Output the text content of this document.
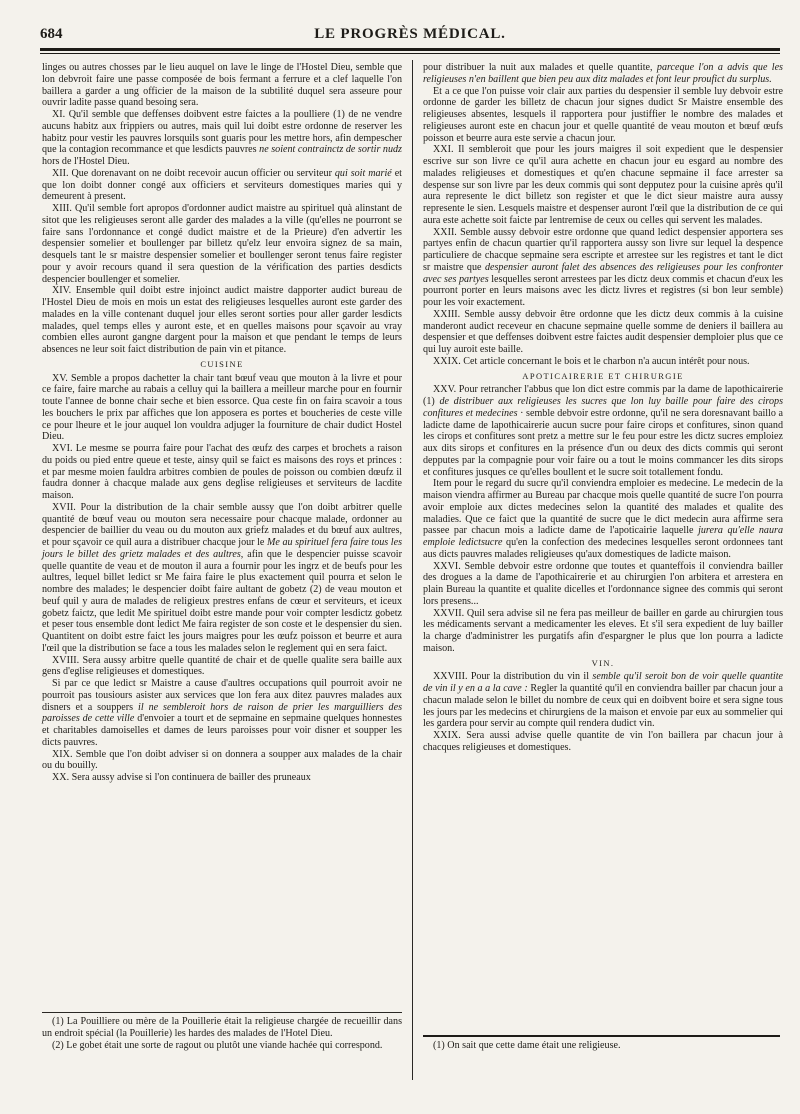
684	LE PROGRÈS MÉDICAL.

linges ou autres chosses par le lieu auquel on lave le linge de l'Hostel Dieu, semble que lon debvroit faire une passe composée de bois fermant a ferrure et a clef laquelle l'on baillera a garder a ung officier de la maison de la subtilité duquel sera asseure pour ouvrir ladite passe quand besoing sera.

XI. Qu'il semble que deffenses doibvent estre faictes a la poulliere (1) de ne vendre aucuns habitz aux frippiers ou autres, mais quil lui doibt estre ordonne de reserver les habitz pour vestir les pauvres lorsquils sont guaris pour les mettre hors, afin dempescher que la contagion recommance et que lesdicts pauvres ne soient contrainctz de sortir nudz hors de l'Hostel Dieu.

XII. Que dorenavant on ne doibt recevoir aucun officier ou serviteur qui soit marié et que lon doibt donner congé aux officiers et serviteurs domestiques maries qui y demeurent à present.

XIII. Qu'il semble fort apropos d'ordonner audict maistre au spirituel quà alinstant de sitot que les religieuses seront alle garder des malades a la ville (qu'elles ne pourront se faire sans l'ordonnance et congé dudict maistre et de la Prieure) d'en advertir les despensier somelier et boullenger par billetz qu'elz leur envoira signez de sa main, desquels tant le sr maistre despensier somelier et boullenger seront tenus faire register pour y avoir recours quand il sera question de la vérification des parties desdicts despencier boullenger et somelier.

XIV. Ensemble quil doibt estre injoinct audict maistre dapporter audict bureau de l'Hostel Dieu de mois en mois un estat des religieuses lesquelles auront este garder des malades en la ville contenant duquel jour elles seront sorties pour aller garder lesdicts malades, quel temps elles y auront este, et en quelles maisons pour sçavoir au vray combien elles auront gangne dargent pour la maison et que pendant le temps de leurs absences ne leur soit faict distribution de pain vin et pitance.

CUISINE

XV. Semble a propos dachetter la chair tant bœuf veau que mouton à la livre et pour ce faire, faire marche au rabais a celluy qui la baillera a meilleur marche pour en fournir toute l'annee de bonne chair seche et bien essorce. Qua ceste fin on faira scavoir a tous les bouchers le prix par affiches que lon apposera es portes et boucheries de ceste ville ce pour lheure et le jour auquel lon vouldra adjuger la fourniture de chair dudict Hostel Dieu.

XVI. Le mesme se pourra faire pour l'achat des œufz des carpes et brochets a raison du poids ou pied entre queue et teste, ainsy quil se faict es maisons des roys et princes : et par mesme moien fauldra arbitres combien de poules de poisson ou combien dœufz il faudra donner à chacque malade aux gens deglise religieuses et serviteurs de lacdite maison.

XVII. Pour la distribution de la chair semble aussy que l'on doibt arbitrer quelle quantité de bœuf veau ou mouton sera necessaire pour chacque malade, ordonner au despencier de baillier du veau ou du mouton aux griefz malades et du bœuf aux aultres, et pour sçavoir ce quil aura a distribuer chacque jour le Me au spirituel fera faire tous les jours le billet des grietz malades et des aultres, afin que le despencier puisse scavoir quelle quantite de veau et de mouton il aura a fournir pour les ingrz et de beufs pour les aultres, lequel billet ledict sr Me faira faire le plus exactement quil pourra et selon le nombre des malades; le despencier doibt faire aultant de gobetz (2) de veau mouton et beuf quil y aura de malades de religieux prestres enfans de cœur et serviteurs, et iceux gobetz faictz, que ledit Me spirituel doibt estre mande pour voir compter lesdictz gobetz et peser tous ensemble dont ledict Me faira register de son coste et le despensier du sien. Quantitent on doibt estre faict les jours maigres pour les œufz poisson et beurre et aura l'œil que la distribution se face a tous les malades selon le reglement qui en sera faict.

XVIII. Sera aussy arbitre quelle quantité de chair et de quelle qualite sera baille aux gens d'eglise religieuses et domestiques.

Si par ce que ledict sr Maistre a cause d'aultres occupations quil pourroit avoir ne pourroit pas tousiours asister aux services que lon fera aux ditez pauvres malades aux disners et a souppers il ne sembleroit hors de raison de prier les marguilliers des paroisses de cette ville d'envoier a tourt et de sepmaine en sepmaine quelques honnestes et charitables damoiselles et dames de leurs paroisses pour voir disner et soupper les dicts pauvres.

XIX. Semble que l'on doibt adviser si on donnera a soupper aux malades de la chair ou du bouilly.

XX. Sera aussy advise si l'on continuera de bailler des pruneaux

(1) La Pouilliere ou mère de la Pouillerie était la religieuse chargée de recueillir dans un endroit spécial (la Pouillerie) les hardes des malades de l'Hotel Dieu.

(2) Le gobet était une sorte de ragout ou plutôt une viande hachée qui correspond.

pour distribuer la nuit aux malades et quelle quantite, parceque l'on a advis que les religieuses n'en baillent que bien peu aux ditz malades et font leur proufict du surplus.

Et a ce que l'on puisse voir clair aux parties du despensier il semble luy debvoir estre ordonne de garder les billetz de chacun jour signes dudict Sr Maistre ensemble des religieuses absentes, lesquels il rapportera pour justiffier le nombre des malades et religieuses auront este en chacun jour et quelle quantité de veau mouton et bœuf œufs poisson et beurre aura este servie a chacun jour.

XXI. Il sembleroit que pour les jours maigres il soit expedient que le despensier escrive sur son livre ce qu'il aura achette en chacun jour eu esgard au nombre des malades religieuses et domestiques et qu'en chacune sepmaine il face arrester sa despense sur son livre par les deux commis qui sont depputez pour la cuisine après qu'il aura represente le dict billetz son register et que le dict sieur maistre aura aussy represente le sien. Lesquels maistre et despenser auront l'œil que la distribution de ce qui aura este achette soit faicte par lentremise de ceux ou celles qui servent les malades.

XXII. Semble aussy debvoir estre ordonne que quand ledict despensier apportera ses partyes enfin de chacun quartier qu'il rapportera aussy son livre sur lequel la despence particuliere de chacque sepmaine sera escripte et arrestee sur les registres et tant le dict sr maistre que despensier auront falet des absences des religieuses pour les confronter avec ses partyes lesquelles seront arrestees par les dictz deux commis et chacun d'eux les pourront porter en leurs maisons avec les dictz livres et registres (si bon leur semble) pour les voir exactement.

XXIII. Semble aussy debvoir être ordonne que les dictz deux commis à la cuisine manderont audict receveur en chacune sepmaine quelle somme de deniers il baillera au despensier et que deffenses doibvent estre faictes audit despensier demploier plus que ce qui luy auroit este baille.

XXIX. Cet article concernant le bois et le charbon n'a aucun intérêt pour nous.

APOTICAIRERIE ET CHIRURGIE

XXV. Pour retrancher l'abbus que lon dict estre commis par la dame de lapothicairerie (1) de distribuer aux religieuses les sucres que lon luy baille pour faire des cirops confitures et medecines · semble debvoir estre ordonne, qu'il ne sera doresnavant baillo a ladicte dame de lapothicairerie aucun sucre pour faire cirops et confitures, sinon quand les cirops et confitures sont pretz a mettre sur le feu pour estre les dictz sucres emploiez aux dits sirops et confitures en la présence d'un ou deux des dicts commis qui seront depputes par la compagnie pour voir faire ou a tout le moins commancer les dits sirops et confitures jusques ce qu'elles boullent et le sucre soit totallement fondu.

Item pour le regard du sucre qu'il conviendra emploier es medecine. Le medecin de la maison viendra affirmer au Bureau par chacque mois quelle quantité de sucre l'on pourra avoir emploie aux dictes medecines selon la quantité des malades et qualite des maladies. Que ce faict que la quantité de sucre que le dict medecin aura affirme sera passee par chacun mois a ladicte dame de l'apoticairie laquelle jurera qu'elle naura emploie ledictsucre qu'en la confection des medecines lesquelles seront ordonnees tant aus dicts pauvres malades religieuses qu'aux domestiques de ladicte maison.

XXVI. Semble debvoir estre ordonne que toutes et quanteffois il conviendra bailler des drogues a la dame de l'apothicairerie et au chirurgien l'on arbitera et arrestera en plain Bureau la quantite et qualite dicelles et l'ordonnance signee des commis qui seront lors presens...

XXVII. Quil sera advise sil ne fera pas meilleur de bailler en garde au chirurgien tous les médicaments servant a medicamenter les eleves. Et s'il sera expedient de luy bailler la charge d'administrer les purgatifs afin d'espargner le plus que lon pourra a ladicte maison.

VIN.

XXVIII. Pour la distribution du vin il semble qu'il seroit bon de voir quelle quantite de vin il y en a a la cave : Regler la quantité qu'il en conviendra bailler par chacun jour a chacun malade selon le billet du nombre de ceux qui en doibvent boire et sera signe tous les jours par les medecins et chirurgiens de la maison et envoie par eux au sommelier qui les gardera pour servir au compte quil rendera dudict vin.

XXIX. Sera aussi advise quelle quantite de vin l'on baillera par chacun jour à chacques religieuses et domestiques.

(1) On sait que cette dame était une religieuse.
